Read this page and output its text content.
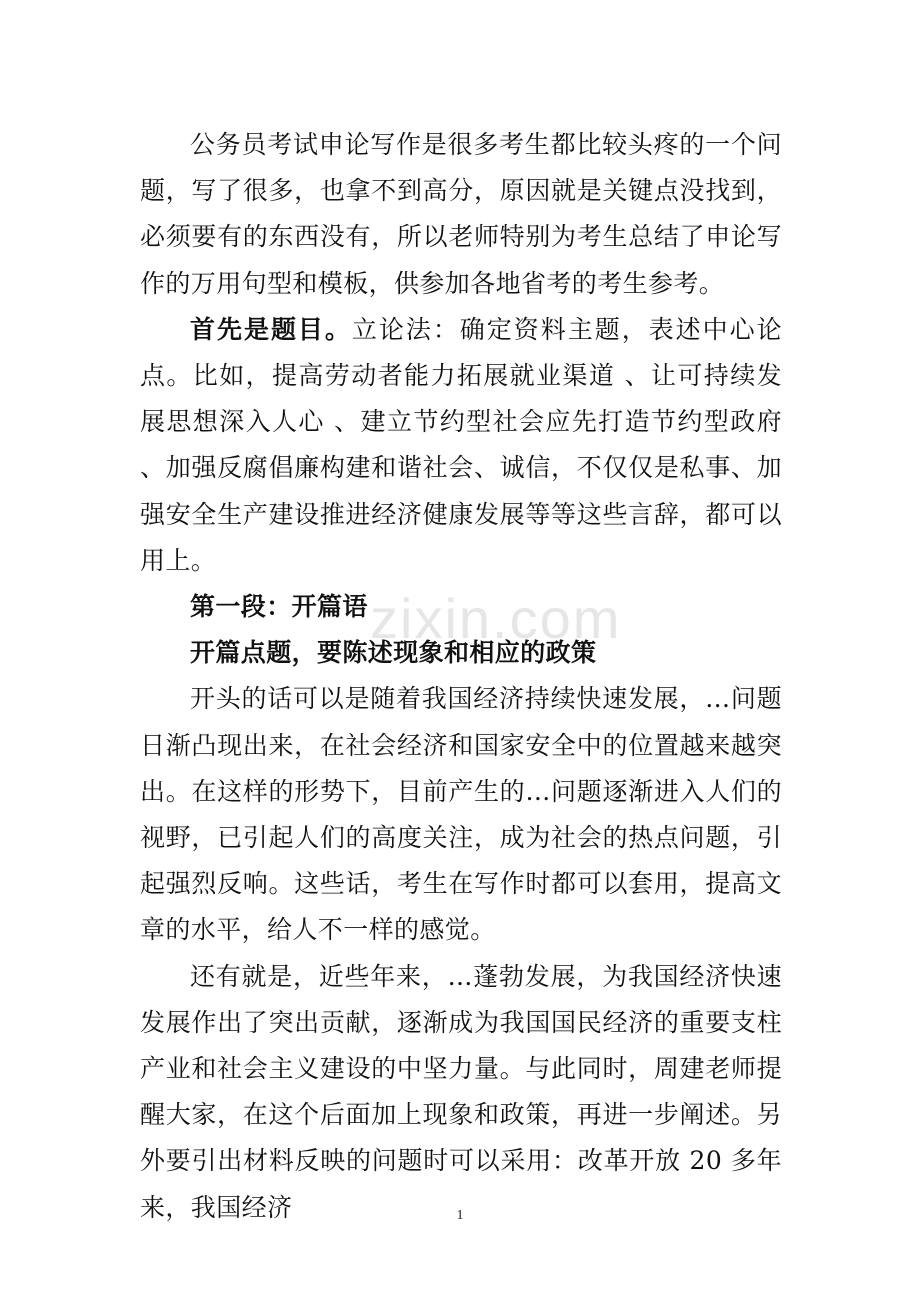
zixin.com

公务员考试申论写作是很多考生都比较头疼的一个问题，写了很多，也拿不到高分，原因就是关键点没找到，必须要有的东西没有，所以老师特别为考生总结了申论写作的万用句型和模板，供参加各地省考的考生参考。

首先是题目。立论法：确定资料主题，表述中心论点。比如，提高劳动者能力拓展就业渠道 、让可持续发展思想深入人心 、建立节约型社会应先打造节约型政府 、加强反腐倡廉构建和谐社会、诚信，不仅仅是私事、加强安全生产建设推进经济健康发展等等这些言辞，都可以用上。

第一段：开篇语

开篇点题，要陈述现象和相应的政策

开头的话可以是随着我国经济持续快速发展，…问题日渐凸现出来，在社会经济和国家安全中的位置越来越突出。在这样的形势下，目前产生的…问题逐渐进入人们的视野，已引起人们的高度关注，成为社会的热点问题，引起强烈反响。这些话，考生在写作时都可以套用，提高文章的水平，给人不一样的感觉。

还有就是，近些年来，…蓬勃发展，为我国经济快速发展作出了突出贡献，逐渐成为我国国民经济的重要支柱产业和社会主义建设的中坚力量。与此同时，周建老师提醒大家，在这个后面加上现象和政策，再进一步阐述。另外要引出材料反映的问题时可以采用：改革开放 20 多年来，我国经济	1
